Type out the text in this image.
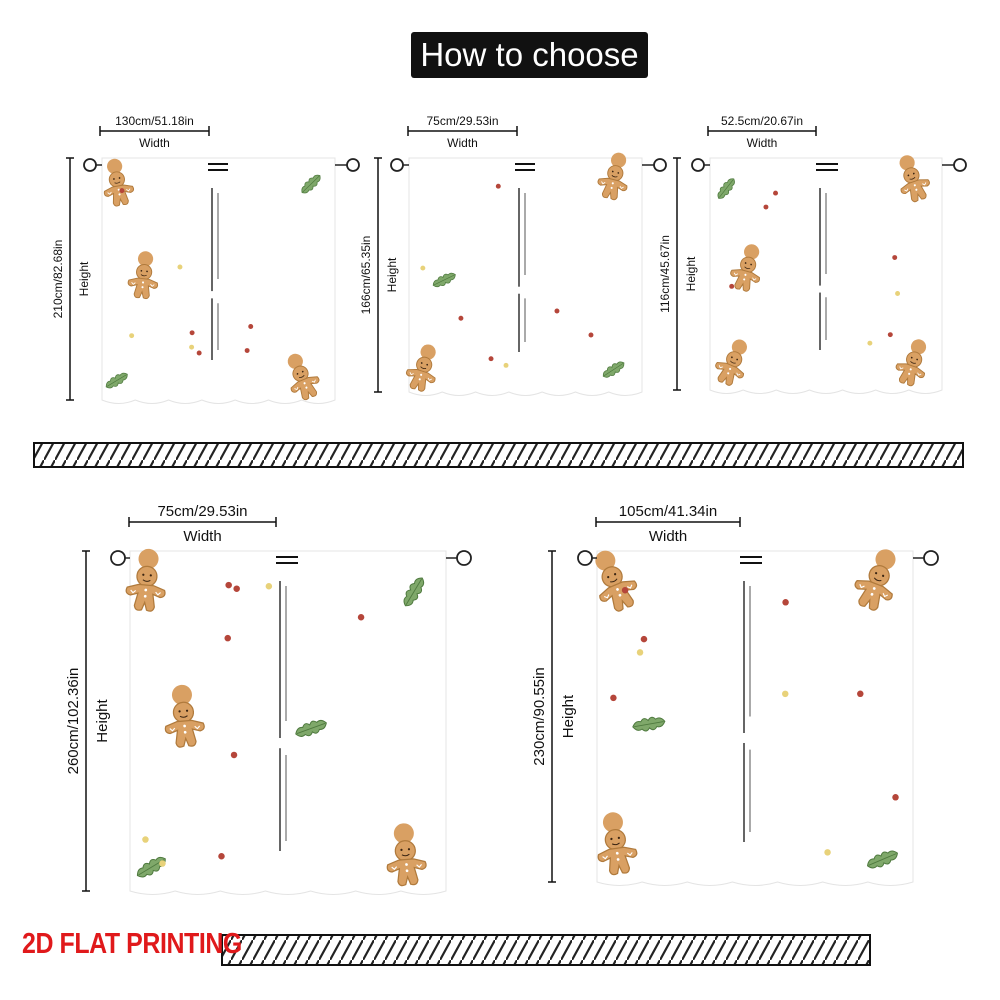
How to choose
130cm/51.18in
Width
210cm/82.68in Height
75cm/29.53in
Width
166cm/65.35in Height
52.5cm/20.67in
Width
116cm/45.67in Height
75cm/29.53in
Width
260cm/102.36in Height
105cm/41.34in
Width
230cm/90.55in Height
2D FLAT PRINTING
